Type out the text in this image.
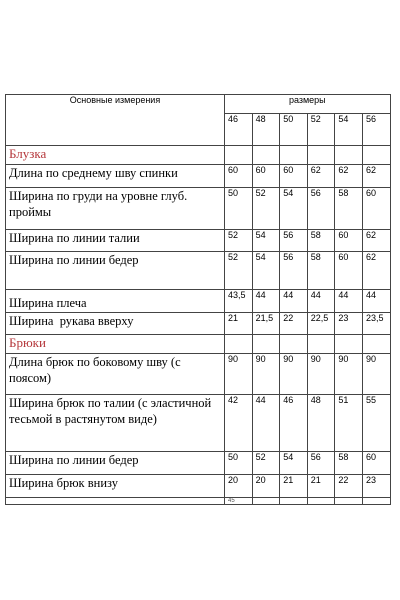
Основные измерения	размеры					
	46	48	50	52	54	56
Блузка						
Длина по среднему шву спинки	60	60	60	62	62	62
Ширина по груди на уровне глуб. проймы	50	52	54	56	58	60
Ширина по линии талии	52	54	56	58	60	62
Ширина по линии бедер	52	54	56	58	60	62
Ширина плеча	43,5	44	44	44	44	44
Ширина  рукава вверху	21	21,5	22	22,5	23	23,5
Брюки						
Длина брюк по боковому шву (с поясом)	90	90	90	90	90	90
Ширина брюк по талии (с эластичной тесьмой в растянутом виде)	42	44	46	48	51	55
Ширина по линии бедер	50	52	54	56	58	60
Ширина брюк внизу	20	20	21	21	22	23
	45					
